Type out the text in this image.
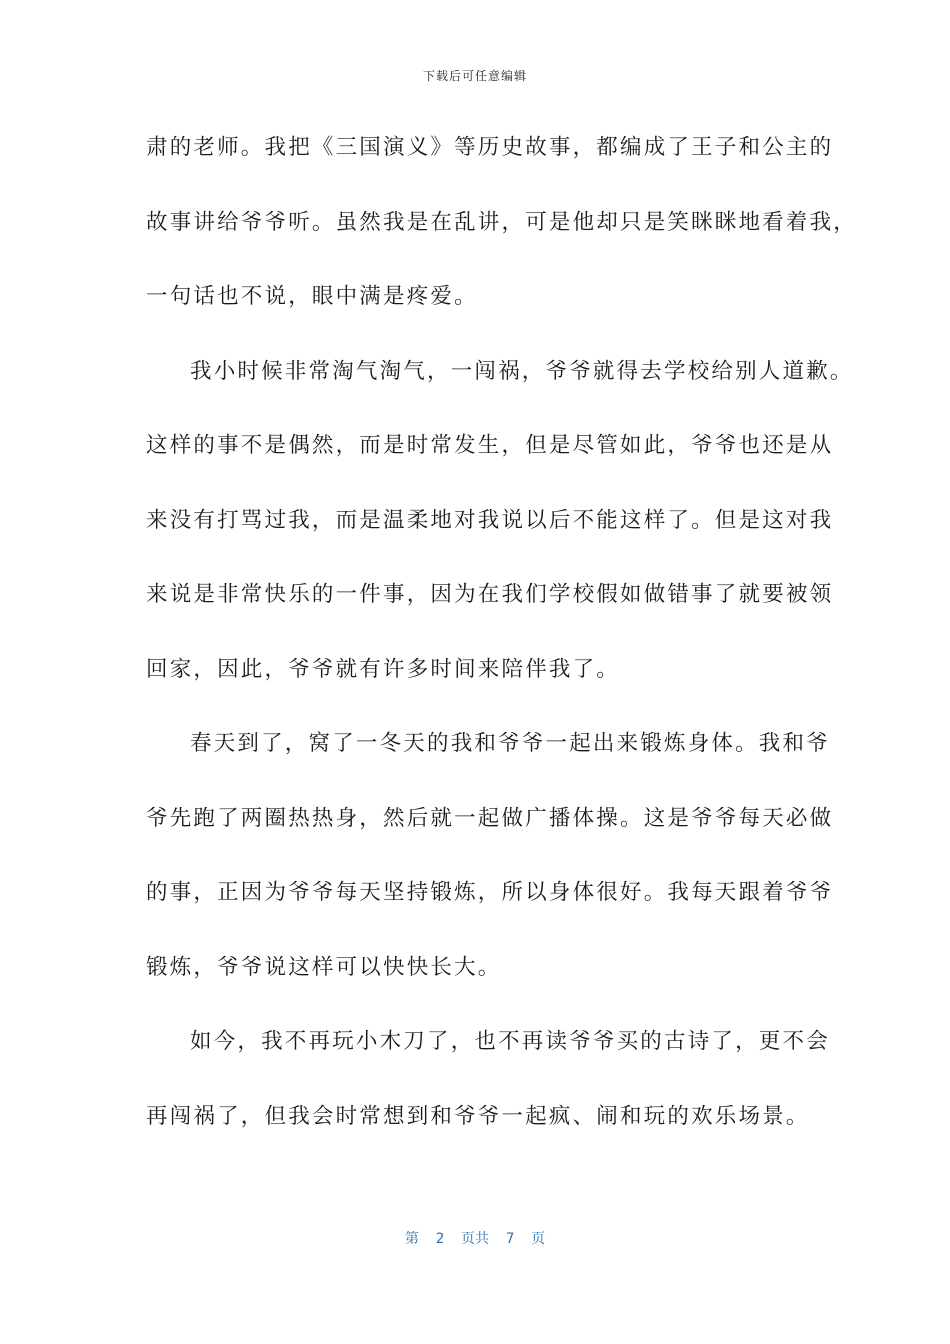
下载后可任意编辑
肃的老师。我把《三国演义》等历史故事，都编成了王子和公主的
故事讲给爷爷听。虽然我是在乱讲，可是他却只是笑眯眯地看着我，
一句话也不说，眼中满是疼爱。
我小时候非常淘气淘气，一闯祸，爷爷就得去学校给别人道歉。
这样的事不是偶然，而是时常发生，但是尽管如此，爷爷也还是从
来没有打骂过我，而是温柔地对我说以后不能这样了。但是这对我
来说是非常快乐的一件事，因为在我们学校假如做错事了就要被领
回家，因此，爷爷就有许多时间来陪伴我了。
春天到了，窝了一冬天的我和爷爷一起出来锻炼身体。我和爷
爷先跑了两圈热热身，然后就一起做广播体操。这是爷爷每天必做
的事，正因为爷爷每天坚持锻炼，所以身体很好。我每天跟着爷爷
锻炼，爷爷说这样可以快快长大。
如今，我不再玩小木刀了，也不再读爷爷买的古诗了，更不会
再闯祸了，但我会时常想到和爷爷一起疯、闹和玩的欢乐场景。
第  2  页共  7  页
